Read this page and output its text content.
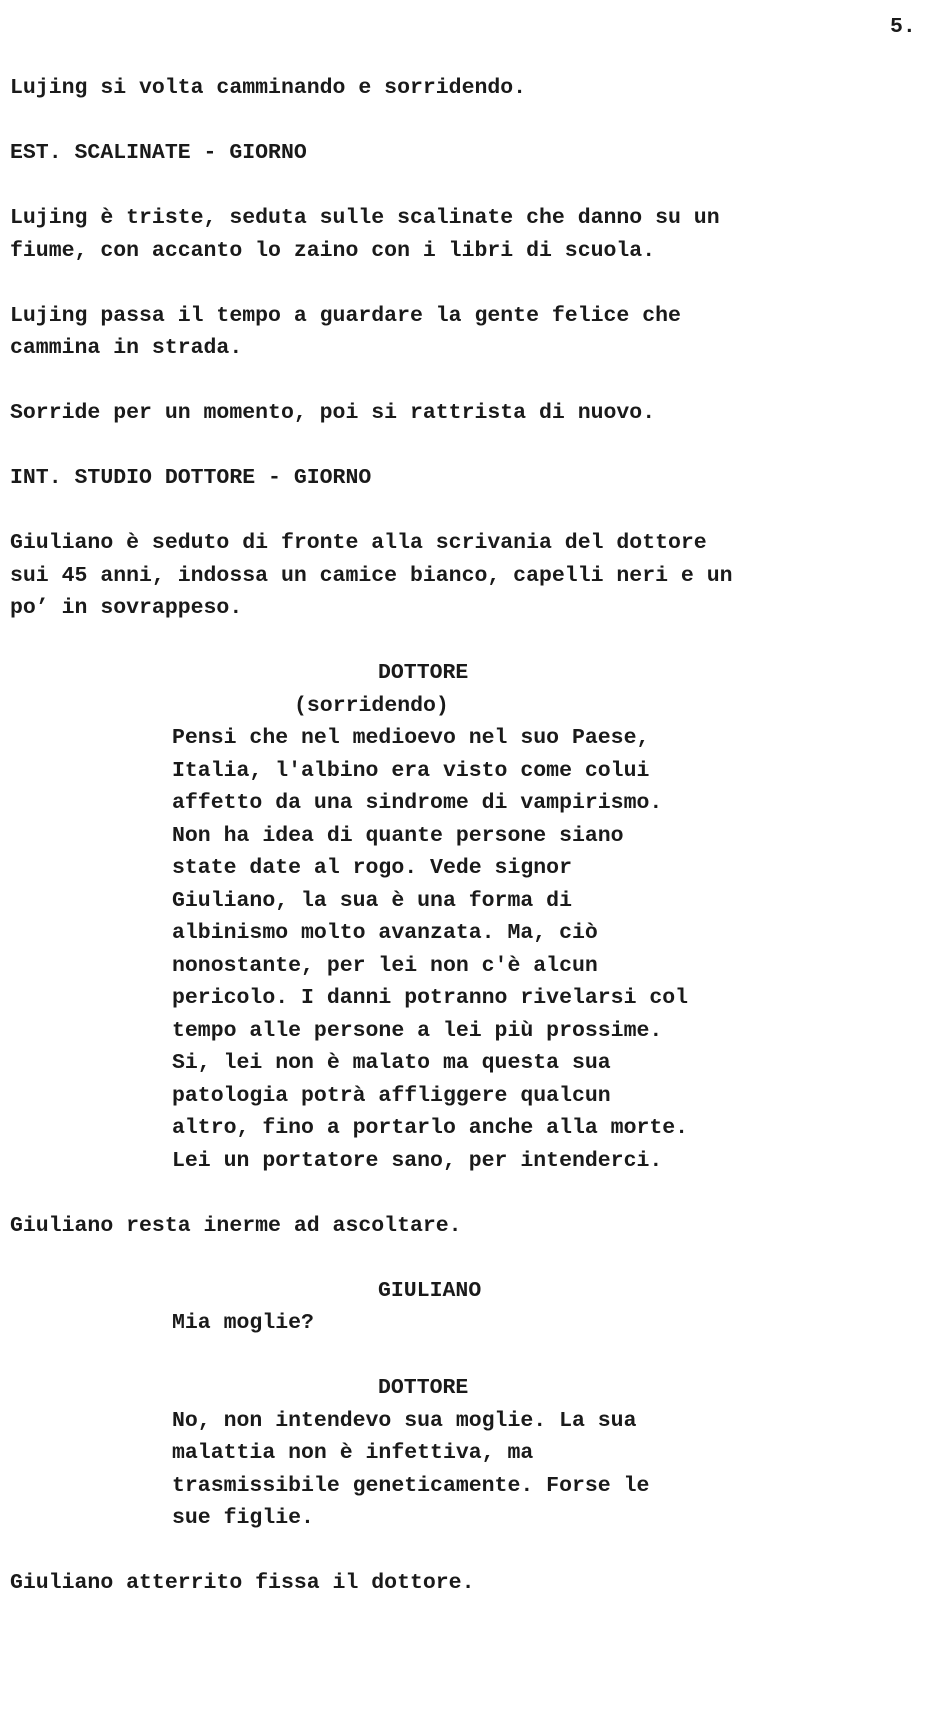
5.
Lujing si volta camminando e sorridendo.
EST. SCALINATE - GIORNO
Lujing è triste, seduta sulle scalinate che danno su un
fiume, con accanto lo zaino con i libri di scuola.
Lujing passa il tempo a guardare la gente felice che
cammina in strada.
Sorride per un momento, poi si rattrista di nuovo.
INT. STUDIO DOTTORE - GIORNO
Giuliano è seduto di fronte alla scrivania del dottore
sui 45 anni, indossa un camice bianco, capelli neri e un
po’ in sovrappeso.
DOTTORE
(sorridendo)
Pensi che nel medioevo nel suo Paese,
Italia, l'albino era visto come colui
affetto da una sindrome di vampirismo.
Non ha idea di quante persone siano
state date al rogo. Vede signor
Giuliano, la sua è una forma di
albinismo molto avanzata. Ma, ciò
nonostante, per lei non c'è alcun
pericolo. I danni potranno rivelarsi col
tempo alle persone a lei più prossime.
Si, lei non è malato ma questa sua
patologia potrà affliggere qualcun
altro, fino a portarlo anche alla morte.
Lei un portatore sano, per intenderci.
Giuliano resta inerme ad ascoltare.
GIULIANO
Mia moglie?
DOTTORE
No, non intendevo sua moglie. La sua
malattia non è infettiva, ma
trasmissibile geneticamente. Forse le
sue figlie.
Giuliano atterrito fissa il dottore.
